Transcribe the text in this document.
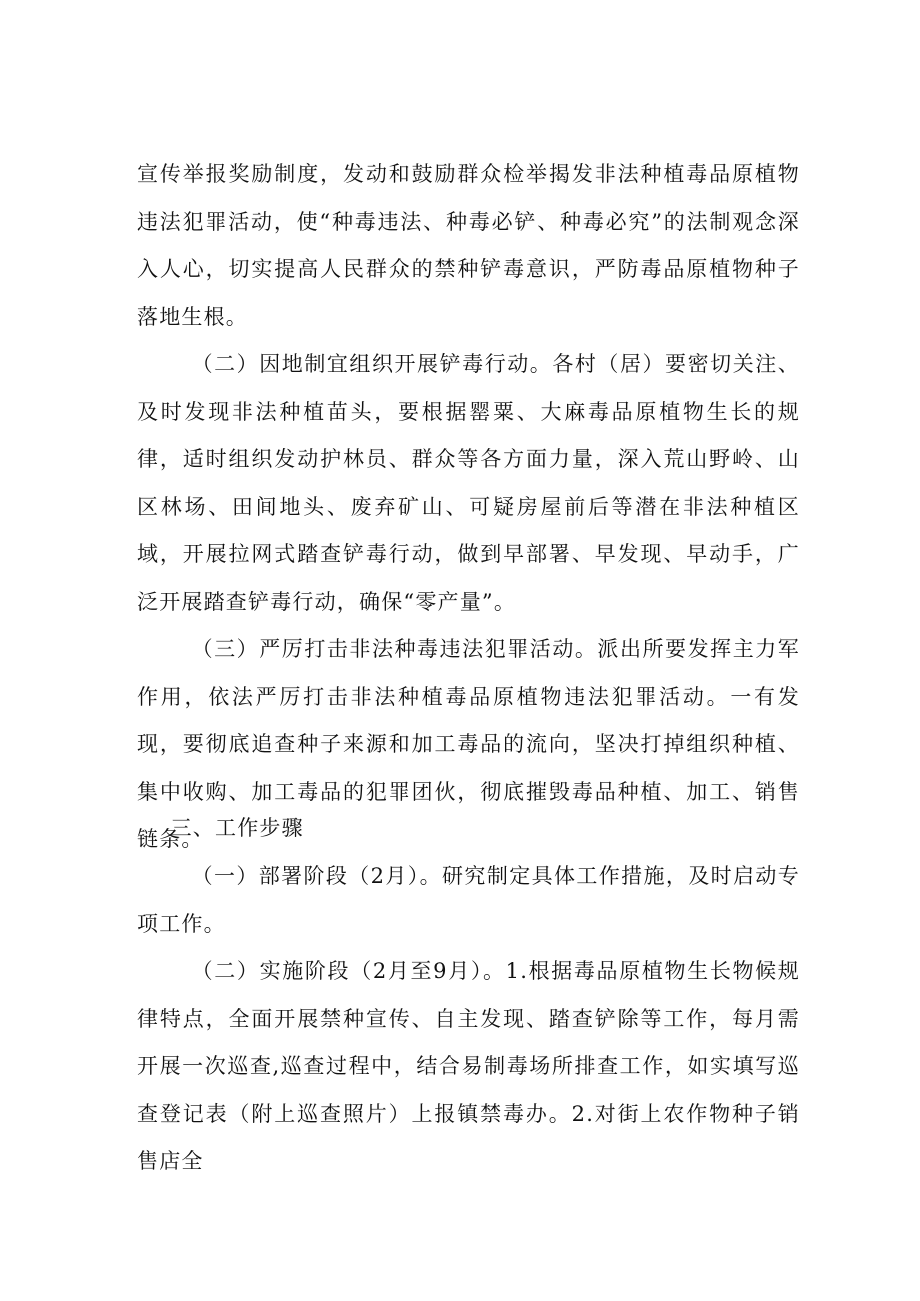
宣传举报奖励制度，发动和鼓励群众检举揭发非法种植毒品原植物违法犯罪活动，使“种毒违法、种毒必铲、种毒必究”的法制观念深入人心，切实提高人民群众的禁种铲毒意识，严防毒品原植物种子落地生根。

（二）因地制宜组织开展铲毒行动。各村（居）要密切关注、及时发现非法种植苗头，要根据罂粟、大麻毒品原植物生长的规律，适时组织发动护林员、群众等各方面力量，深入荒山野岭、山区林场、田间地头、废弃矿山、可疑房屋前后等潜在非法种植区域，开展拉网式踏查铲毒行动，做到早部署、早发现、早动手，广泛开展踏查铲毒行动，确保“零产量”。

（三）严厉打击非法种毒违法犯罪活动。派出所要发挥主力军作用，依法严厉打击非法种植毒品原植物违法犯罪活动。一有发现，要彻底追查种子来源和加工毒品的流向，坚决打掉组织种植、集中收购、加工毒品的犯罪团伙，彻底摧毁毒品种植、加工、销售链条。

三、工作步骤

（一）部署阶段（2月）。研究制定具体工作措施，及时启动专项工作。

（二）实施阶段（2月至9月）。1.根据毒品原植物生长物候规律特点，全面开展禁种宣传、自主发现、踏查铲除等工作，每月需开展一次巡查,巡查过程中，结合易制毒场所排查工作，如实填写巡查登记表（附上巡查照片）上报镇禁毒办。2.对街上农作物种子销售店全
